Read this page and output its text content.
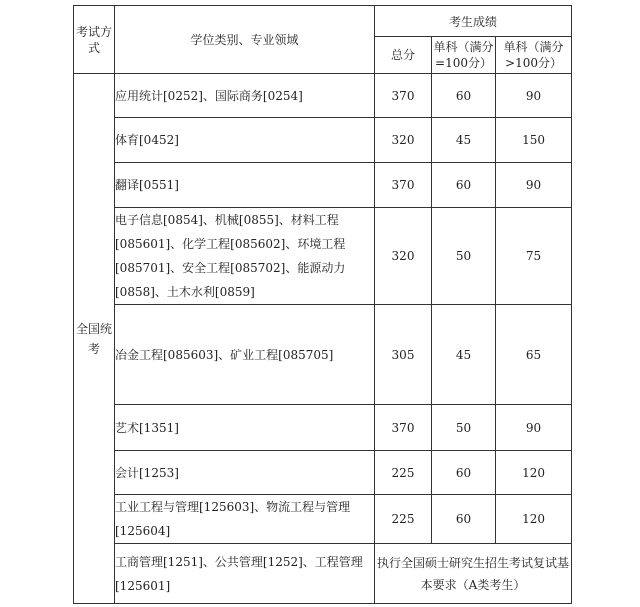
考试方式	学位类别、专业领域	考生成绩		
		总分	单科（满分=100分）	单科（满分>100分）
全国统考	应用统计[0252]、国际商务[0254]	370	60	90
	体育[0452]	320	45	150
	翻译[0551]	370	60	90
	电子信息[0854]、机械[0855]、材料工程[085601]、化学工程[085602]、环境工程[085701]、安全工程[085702]、能源动力[0858]、土木水利[0859]	320	50	75
	冶金工程[085603]、矿业工程[085705]	305	45	65
	艺术[1351]	370	50	90
	会计[1253]	225	60	120
	工业工程与管理[125603]、物流工程与管理[125604]	225	60	120
	工商管理[1251]、公共管理[1252]、工程管理[125601]	执行全国硕士研究生招生考试复试基本要求（A类考生）		
